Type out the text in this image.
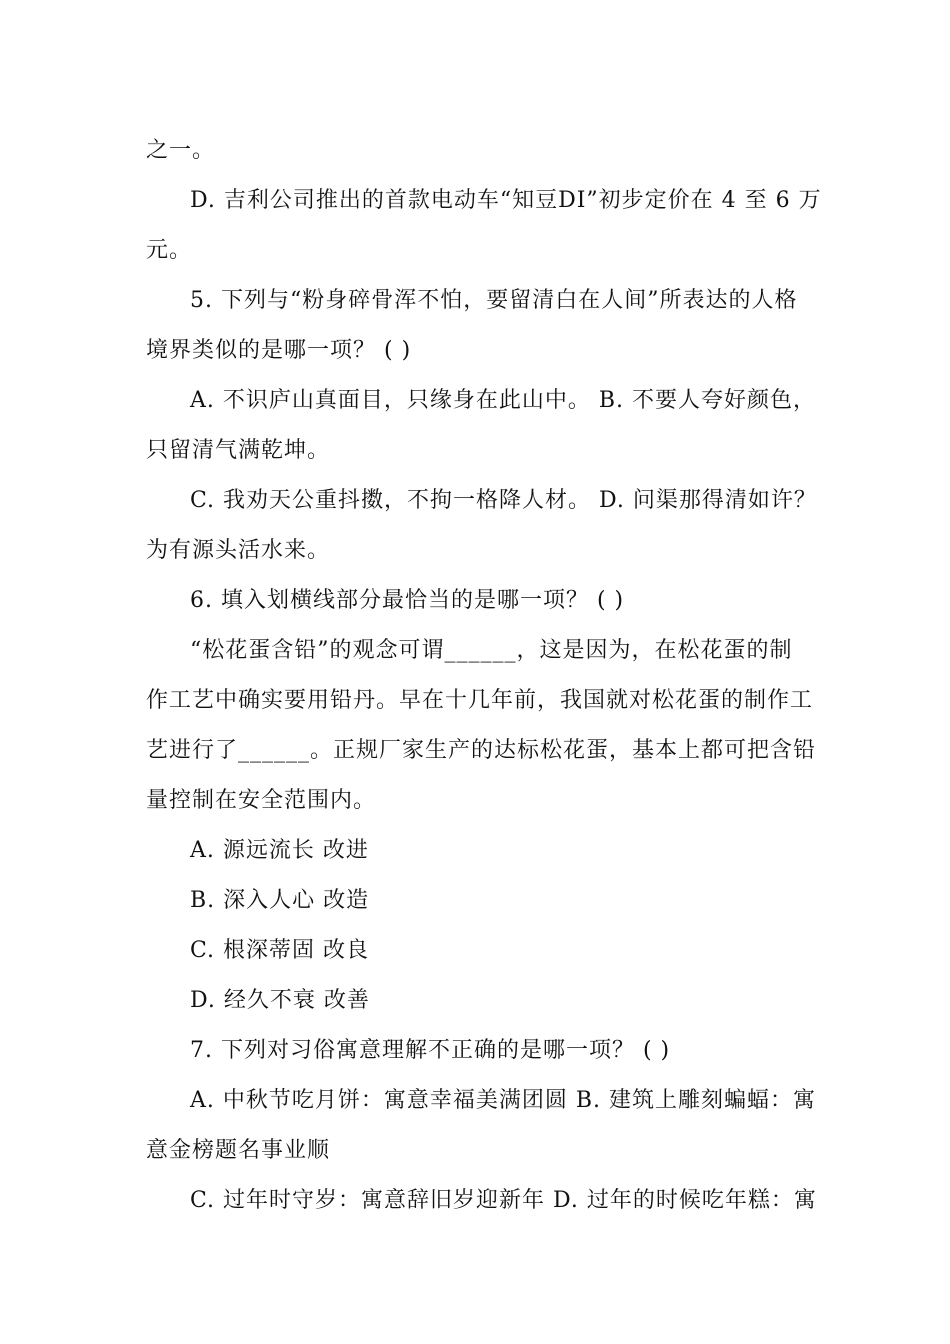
之一。
D. 吉利公司推出的首款电动车“知豆DI”初步定价在 4 至 6 万
元。
5. 下列与“粉身碎骨浑不怕，要留清白在人间”所表达的人格
境界类似的是哪一项？ ( )
A. 不识庐山真面目，只缘身在此山中。 B. 不要人夸好颜色，
只留清气满乾坤。
C. 我劝天公重抖擞，不拘一格降人材。 D. 问渠那得清如许？
为有源头活水来。
6. 填入划横线部分最恰当的是哪一项？ ( )
“松花蛋含铅”的观念可谓______，这是因为，在松花蛋的制
作工艺中确实要用铅丹。早在十几年前，我国就对松花蛋的制作工
艺进行了______。正规厂家生产的达标松花蛋，基本上都可把含铅
量控制在安全范围内。
A. 源远流长 改进
B. 深入人心 改造
C. 根深蒂固 改良
D. 经久不衰 改善
7. 下列对习俗寓意理解不正确的是哪一项？ ( )
A. 中秋节吃月饼：寓意幸福美满团圆 B. 建筑上雕刻蝙蝠：寓
意金榜题名事业顺
C. 过年时守岁：寓意辞旧岁迎新年 D. 过年的时候吃年糕：寓
